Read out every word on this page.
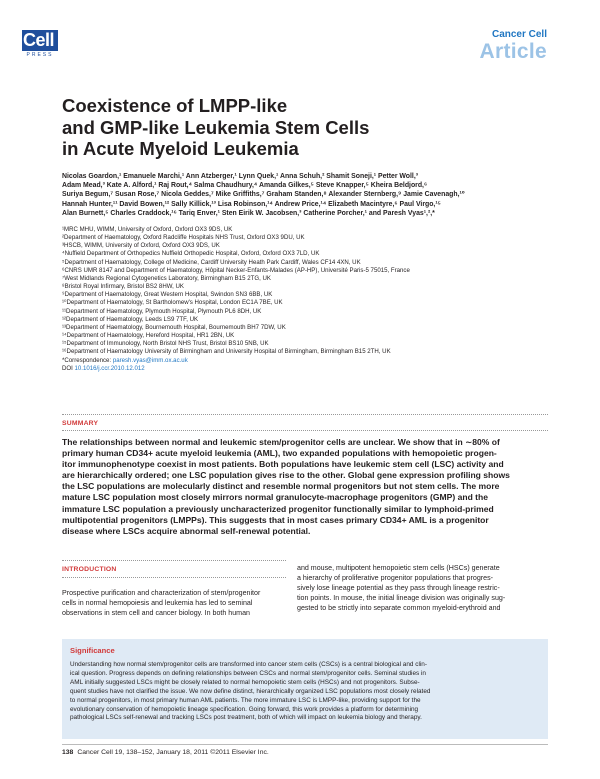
Cell
PRESS
Cancer Cell
Article
Coexistence of LMPP-like
and GMP-like Leukemia Stem Cells
in Acute Myeloid Leukemia
Nicolas Goardon,¹ Emanuele Marchi,¹ Ann Atzberger,¹ Lynn Quek,¹ Anna Schuh,² Shamit Soneji,¹ Petter Woll,³
Adam Mead,³ Kate A. Alford,¹ Raj Rout,⁴ Salma Chaudhury,⁴ Amanda Gilkes,⁵ Steve Knapper,⁵ Kheira Beldjord,⁶
Suriya Begum,⁷ Susan Rose,⁷ Nicola Geddes,⁷ Mike Griffiths,⁷ Graham Standen,⁸ Alexander Sternberg,⁹ Jamie Cavenagh,¹⁰
Hannah Hunter,¹¹ David Bowen,¹² Sally Killick,¹³ Lisa Robinson,¹⁴ Andrew Price,¹⁴ Elizabeth Macintyre,⁶ Paul Virgo,¹⁵
Alan Burnett,⁵ Charles Craddock,¹⁶ Tariq Enver,¹ Sten Eirik W. Jacobsen,³ Catherine Porcher,¹ and Paresh Vyas¹,²,*
¹MRC MHU, WIMM, University of Oxford, Oxford OX3 9DS, UK
²Department of Haematology, Oxford Radcliffe Hospitals NHS Trust, Oxford OX3 9DU, UK
³HSCB, WIMM, University of Oxford, Oxford OX3 9DS, UK
⁴Nuffield Department of Orthopedics Nuffield Orthopedic Hospital, Oxford, Oxford OX3 7LD, UK
⁵Department of Haematology, College of Medicine, Cardiff University Heath Park Cardiff, Wales CF14 4XN, UK
⁶CNRS UMR 8147 and Department of Haematology, Hôpital Necker-Enfants-Malades (AP-HP), Université Paris-5 75015, France
⁷West Midlands Regional Cytogenetics Laboratory, Birmingham B15 2TG, UK
⁸Bristol Royal Infirmary, Bristol BS2 8HW, UK
⁹Department of Haematology, Great Western Hospital, Swindon SN3 6BB, UK
¹⁰Department of Haematology, St Bartholomew's Hospital, London EC1A 7BE, UK
¹¹Department of Haematology, Plymouth Hospital, Plymouth PL6 8DH, UK
¹²Department of Haematology, Leeds LS9 7TF, UK
¹³Department of Haematology, Bournemouth Hospital, Bournemouth BH7 7DW, UK
¹⁴Department of Haematology, Hereford Hospital, HR1 2BN, UK
¹⁵Department of Immunology, North Bristol NHS Trust, Bristol BS10 5NB, UK
¹⁶Department of Haematology University of Birmingham and University Hospital of Birmingham, Birmingham B15 2TH, UK
*Correspondence: paresh.vyas@imm.ox.ac.uk
DOI 10.1016/j.ccr.2010.12.012
SUMMARY
The relationships between normal and leukemic stem/progenitor cells are unclear. We show that in ∼80% of
primary human CD34+ acute myeloid leukemia (AML), two expanded populations with hemopoietic progen-
itor immunophenotype coexist in most patients. Both populations have leukemic stem cell (LSC) activity and
are hierarchically ordered; one LSC population gives rise to the other. Global gene expression profiling shows
the LSC populations are molecularly distinct and resemble normal progenitors but not stem cells. The more
mature LSC population most closely mirrors normal granulocyte-macrophage progenitors (GMP) and the
immature LSC population a previously uncharacterized progenitor functionally similar to lymphoid-primed
multipotential progenitors (LMPPs). This suggests that in most cases primary CD34+ AML is a progenitor
disease where LSCs acquire abnormal self-renewal potential.
INTRODUCTION
Prospective purification and characterization of stem/progenitor
cells in normal hemopoiesis and leukemia has led to seminal
observations in stem cell and cancer biology. In both human
and mouse, multipotent hemopoietic stem cells (HSCs) generate
a hierarchy of proliferative progenitor populations that progres-
sively lose lineage potential as they pass through lineage restric-
tion points. In mouse, the initial lineage division was originally sug-
gested to be strictly into separate common myeloid-erythroid and
Significance
Understanding how normal stem/progenitor cells are transformed into cancer stem cells (CSCs) is a central biological and clin-
ical question. Progress depends on defining relationships between CSCs and normal stem/progenitor cells. Seminal studies in
AML initially suggested LSCs might be closely related to normal hemopoietic stem cells (HSCs) and not progenitors. Subse-
quent studies have not clarified the issue. We now define distinct, hierarchically organized LSC populations most closely related
to normal progenitors, in most primary human AML patients. The more immature LSC is LMPP-like, providing support for the
evolutionary conservation of hemopoietic lineage specification. Going forward, this work provides a platform for determining
pathological LSCs self-renewal and tracking LSCs post treatment, both of which will impact on leukemia biology and therapy.
138 Cancer Cell 19, 138–152, January 18, 2011 ©2011 Elsevier Inc.
